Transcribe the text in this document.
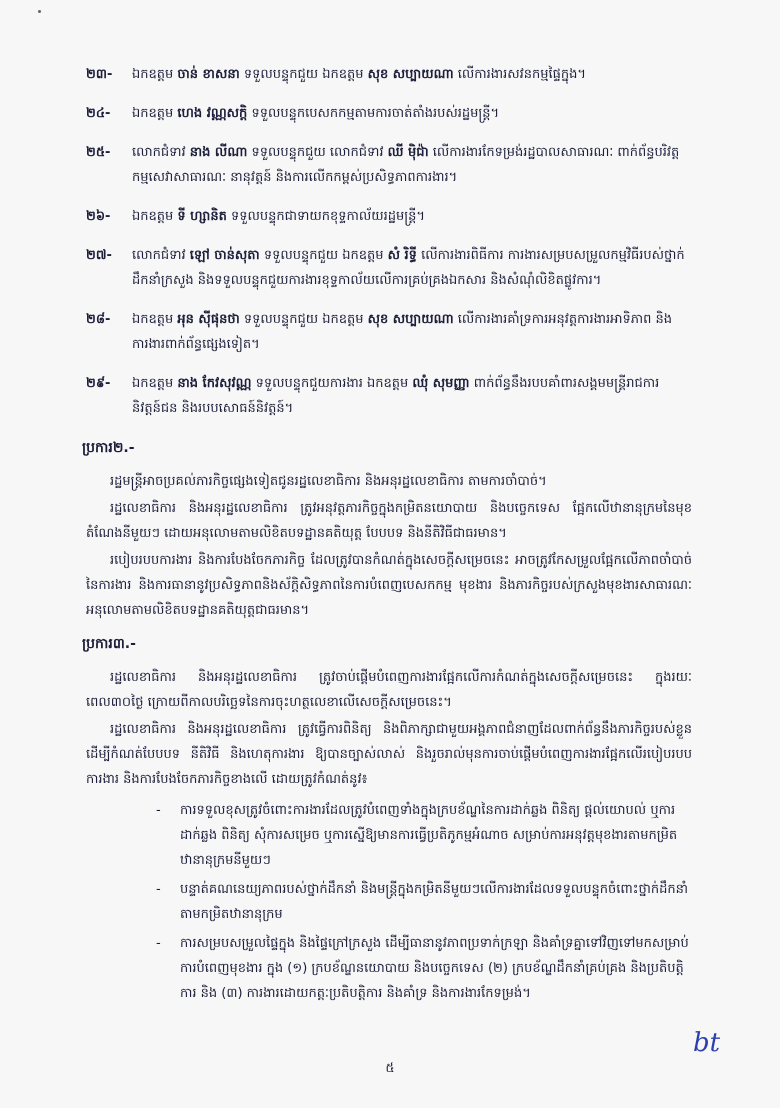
២៣-	ឯកឧត្តម ចាន់ ខាសនា ទទួលបន្ទុកជួយ ឯកឧត្តម សុខ សប្បាយណា លើការងារសវនកម្មផ្ទៃក្នុង។
២៤-	ឯកឧត្តម ហេង វណ្ណសក្តិ ទទួលបន្ទុកបេសកកម្មតាមការចាត់តាំងរបស់រដ្ឋមន្ត្រី។
២៥-	លោកជំទាវ នាង លីណា ទទួលបន្ទុកជួយ លោកជំទាវ ឈី ម៉ិជ៉ា លើការងារកែទម្រង់រដ្ឋបាលសាធារណៈ ពាក់ព័ន្ធបរិវត្តកម្មសេវាសាធារណៈ នានុវត្តន៍ និងការលើកកម្ពស់ប្រសិទ្ធភាពការងារ។
២៦-	ឯកឧត្តម ទី ហ្សានិត ទទួលបន្ទុកជាទាយកខុទ្ទកាល័យរដ្ឋមន្ត្រី។
២៧-	លោកជំទាវ ឡៅ ចាន់សុតា ទទួលបន្ទុកជួយ ឯកឧត្តម សំ រិទ្ធី លើការងារពិធីការ ការងារសម្របសម្រួលកម្មវិធីរបស់ថ្នាក់ដឹកនាំក្រសួង និងទទួលបន្ទុកជួយការងារខុទ្ទកាល័យលើការគ្រប់គ្រងឯកសារ និងសំណុំលិខិតផ្លូវការ។
២៨-	ឯកឧត្តម អុន ស៊ីផុនថា ទទួលបន្ទុកជួយ ឯកឧត្តម សុខ សប្បាយណា លើការងារគាំទ្រការអនុវត្តការងារអាទិភាព និងការងារពាក់ព័ន្ធផ្សេងទៀត។
២៩-	ឯកឧត្តម នាង កែវសុវណ្ណ ទទួលបន្ទុកជួយការងារ ឯកឧត្តម ឈុំ សុមញ្ញា ពាក់ព័ន្ធនឹងរបបគាំពារសង្គមមន្ត្រីរាជការ និវត្តន៍ជន និងរបបសោធន៍និវត្តន៍។
ប្រការ២.-

រដ្ឋមន្ត្រីអាចប្រគល់ភារកិច្ចផ្សេងទៀតជូនរដ្ឋលេខាធិការ និងអនុរដ្ឋលេខាធិការ តាមការចាំបាច់។

រដ្ឋលេខាធិការ និងអនុរដ្ឋលេខាធិការ ត្រូវអនុវត្តភារកិច្ចក្នុងកម្រិតនយោបាយ និងបច្ចេកទេស ផ្អែកលើឋានានុក្រមនៃមុខតំណែងនីមួយៗ ដោយអនុលោមតាមលិខិតបទដ្ឋានគតិយុត្ត បែបបទ និងនីតិវិធីជាធរមាន។

របៀបរបបការងារ និងការបែងចែកភារកិច្ច ដែលត្រូវបានកំណត់ក្នុងសេចក្តីសម្រេចនេះ អាចត្រូវកែសម្រួលផ្អែកលើភាពចាំបាច់នៃការងារ និងការធានានូវប្រសិទ្ធភាពនិងស័ក្តិសិទ្ធភាពនៃការបំពេញបេសកកម្ម មុខងារ និងភារកិច្ចរបស់ក្រសួងមុខងារសាធារណៈ អនុលោមតាមលិខិតបទដ្ឋានគតិយុត្តជាធរមាន។

ប្រការ៣.-

រដ្ឋលេខាធិការ និងអនុរដ្ឋលេខាធិការ ត្រូវចាប់ផ្តើមបំពេញការងារផ្អែកលើការកំណត់ក្នុងសេចក្តីសម្រេចនេះ ក្នុងរយៈពេល៣០ថ្ងៃ ក្រោយពីកាលបរិច្ឆេទនៃការចុះហត្ថលេខាលើសេចក្តីសម្រេចនេះ។

រដ្ឋលេខាធិការ និងអនុរដ្ឋលេខាធិការ ត្រូវធ្វើការពិនិត្យ និងពិភាក្សាជាមួយអង្គភាពជំនាញដែលពាក់ព័ន្ធនឹងភារកិច្ចរបស់ខ្លួន ដើម្បីកំណត់បែបបទ នីតិវិធី និងហេតុការងារ ឱ្យបានច្បាស់លាស់ និងរួចរាល់មុនការចាប់ផ្តើមបំពេញការងារផ្អែកលើរបៀបរបបការងារ និងការបែងចែកភារកិច្ចខាងលើ ដោយត្រូវកំណត់នូវ៖

-	ការទទួលខុសត្រូវចំពោះការងារដែលត្រូវបំពេញទាំងក្នុងក្របខ័ណ្ឌនៃការដាក់ឆ្លង ពិនិត្យ ផ្តល់យោបល់ ឬការដាក់ឆ្លង ពិនិត្យ សុំការសម្រេច ឬការស្នើឱ្យមានការធ្វើប្រតិភូកម្មអំណាច សម្រាប់ការអនុវត្តមុខងារតាមកម្រិតឋានានុក្រមនីមួយៗ
-	បន្ទាត់គណនេយ្យភាពរបស់ថ្នាក់ដឹកនាំ និងមន្ត្រីក្នុងកម្រិតនីមួយៗលើការងារដែលទទួលបន្ទុកចំពោះថ្នាក់ដឹកនាំតាមកម្រិតឋានានុក្រម
-	ការសម្របសម្រួលផ្ទៃក្នុង និងផ្ទៃក្រៅក្រសួង ដើម្បីធានានូវភាពប្រទាក់ក្រឡា និងគាំទ្រគ្នាទៅវិញទៅមកសម្រាប់ការបំពេញមុខងារ ក្នុង (១) ក្របខ័ណ្ឌនយោបាយ និងបច្ចេកទេស (២) ក្របខ័ណ្ឌដឹកនាំគ្រប់គ្រង និងប្រតិបត្តិការ និង (៣) ការងារដោយកត្តៈប្រតិបត្តិការ និងគាំទ្រ និងការងារកែទម្រង់។
bt
៥
